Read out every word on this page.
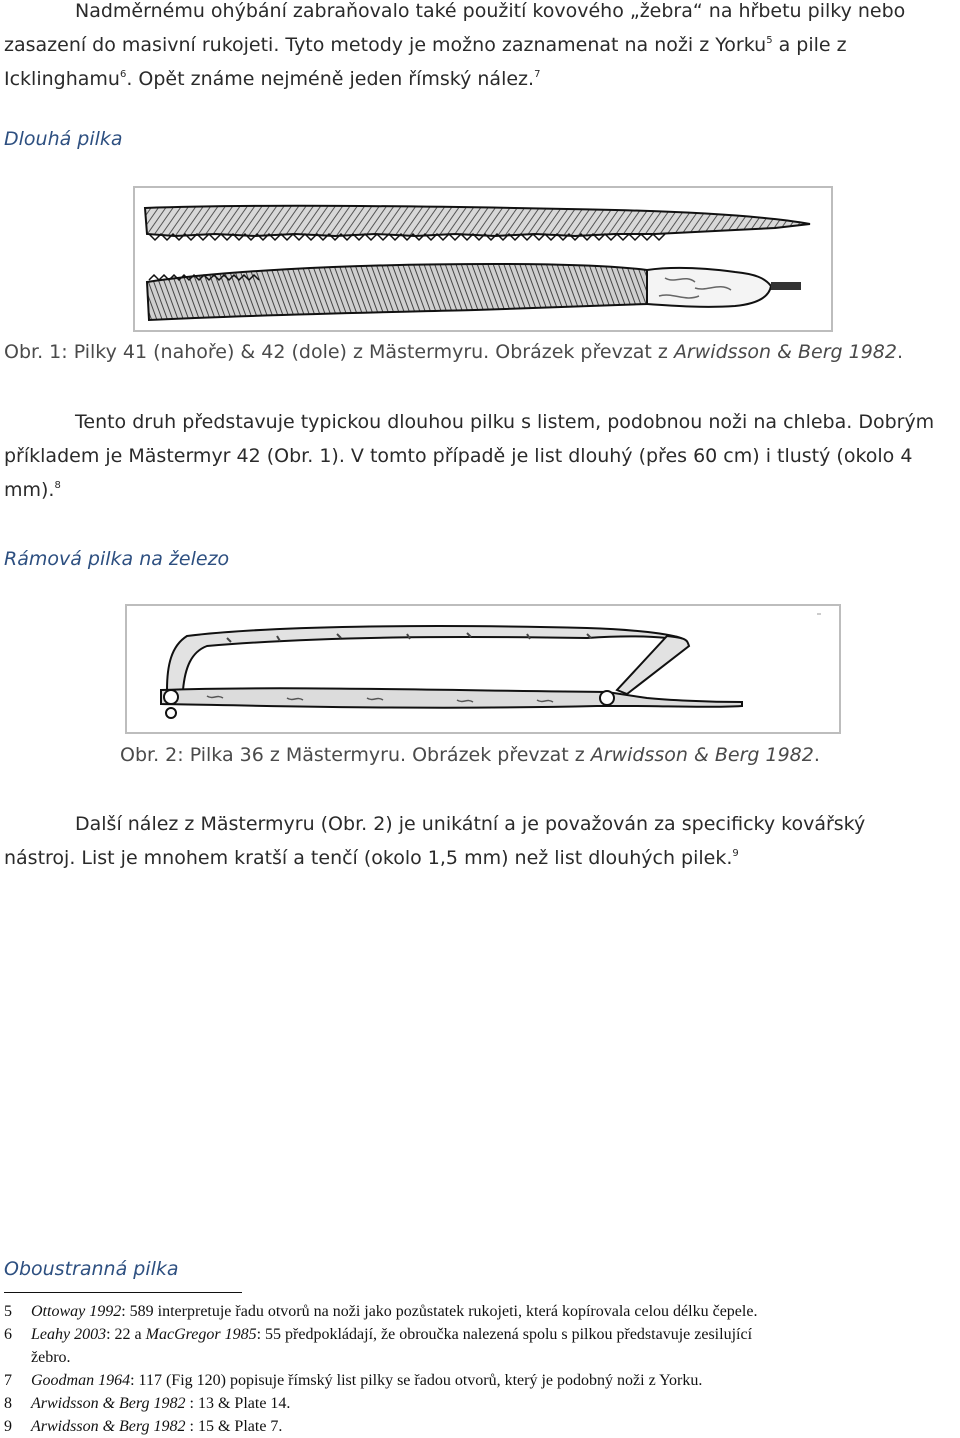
Nadměrnému ohýbání zabraňovalo také použití kovového „žebra“ na hřbetu pilky nebo
zasazení do masivní rukojeti. Tyto metody je možno zaznamenat na noži z Yorku$^5$ a pile z
Icklinghamu$^6$. Opět známe nejméně jeden římský nález.$^7$
Dlouhá pilka
Obr. 1: Pilky 41 (nahoře) & 42 (dole) z Mästermyru. Obrázek převzat z Arwidsson & Berg 1982.
Tento druh představuje typickou dlouhou pilku s listem, podobnou noži na chleba. Dobrým
příkladem je Mästermyr 42 (Obr. 1). V tomto případě je list dlouhý (přes 60 cm) i tlustý (okolo 4
mm).$^8$
Rámová pilka na železo
Obr. 2: Pilka 36 z Mästermyru. Obrázek převzat z Arwidsson & Berg 1982.
Další nález z Mästermyru (Obr. 2) je unikátní a je považován za specificky kovářský
nástroj. List je mnohem kratší a tenčí (okolo 1,5 mm) než list dlouhých pilek.$^9$
Oboustranná pilka
5 Ottoway 1992: 589 interpretuje řadu otvorů na noži jako pozůstatek rukojeti, která kopírovala celou délku čepele.
6 Leahy 2003: 22 a MacGregor 1985: 55 předpokládají, že obroučka nalezená spolu s pilkou představuje zesilující
žebro.
7 Goodman 1964: 117 (Fig 120) popisuje římský list pilky se řadou otvorů, který je podobný noži z Yorku.
8 Arwidsson & Berg 1982 : 13 & Plate 14.
9 Arwidsson & Berg 1982 : 15 & Plate 7.
